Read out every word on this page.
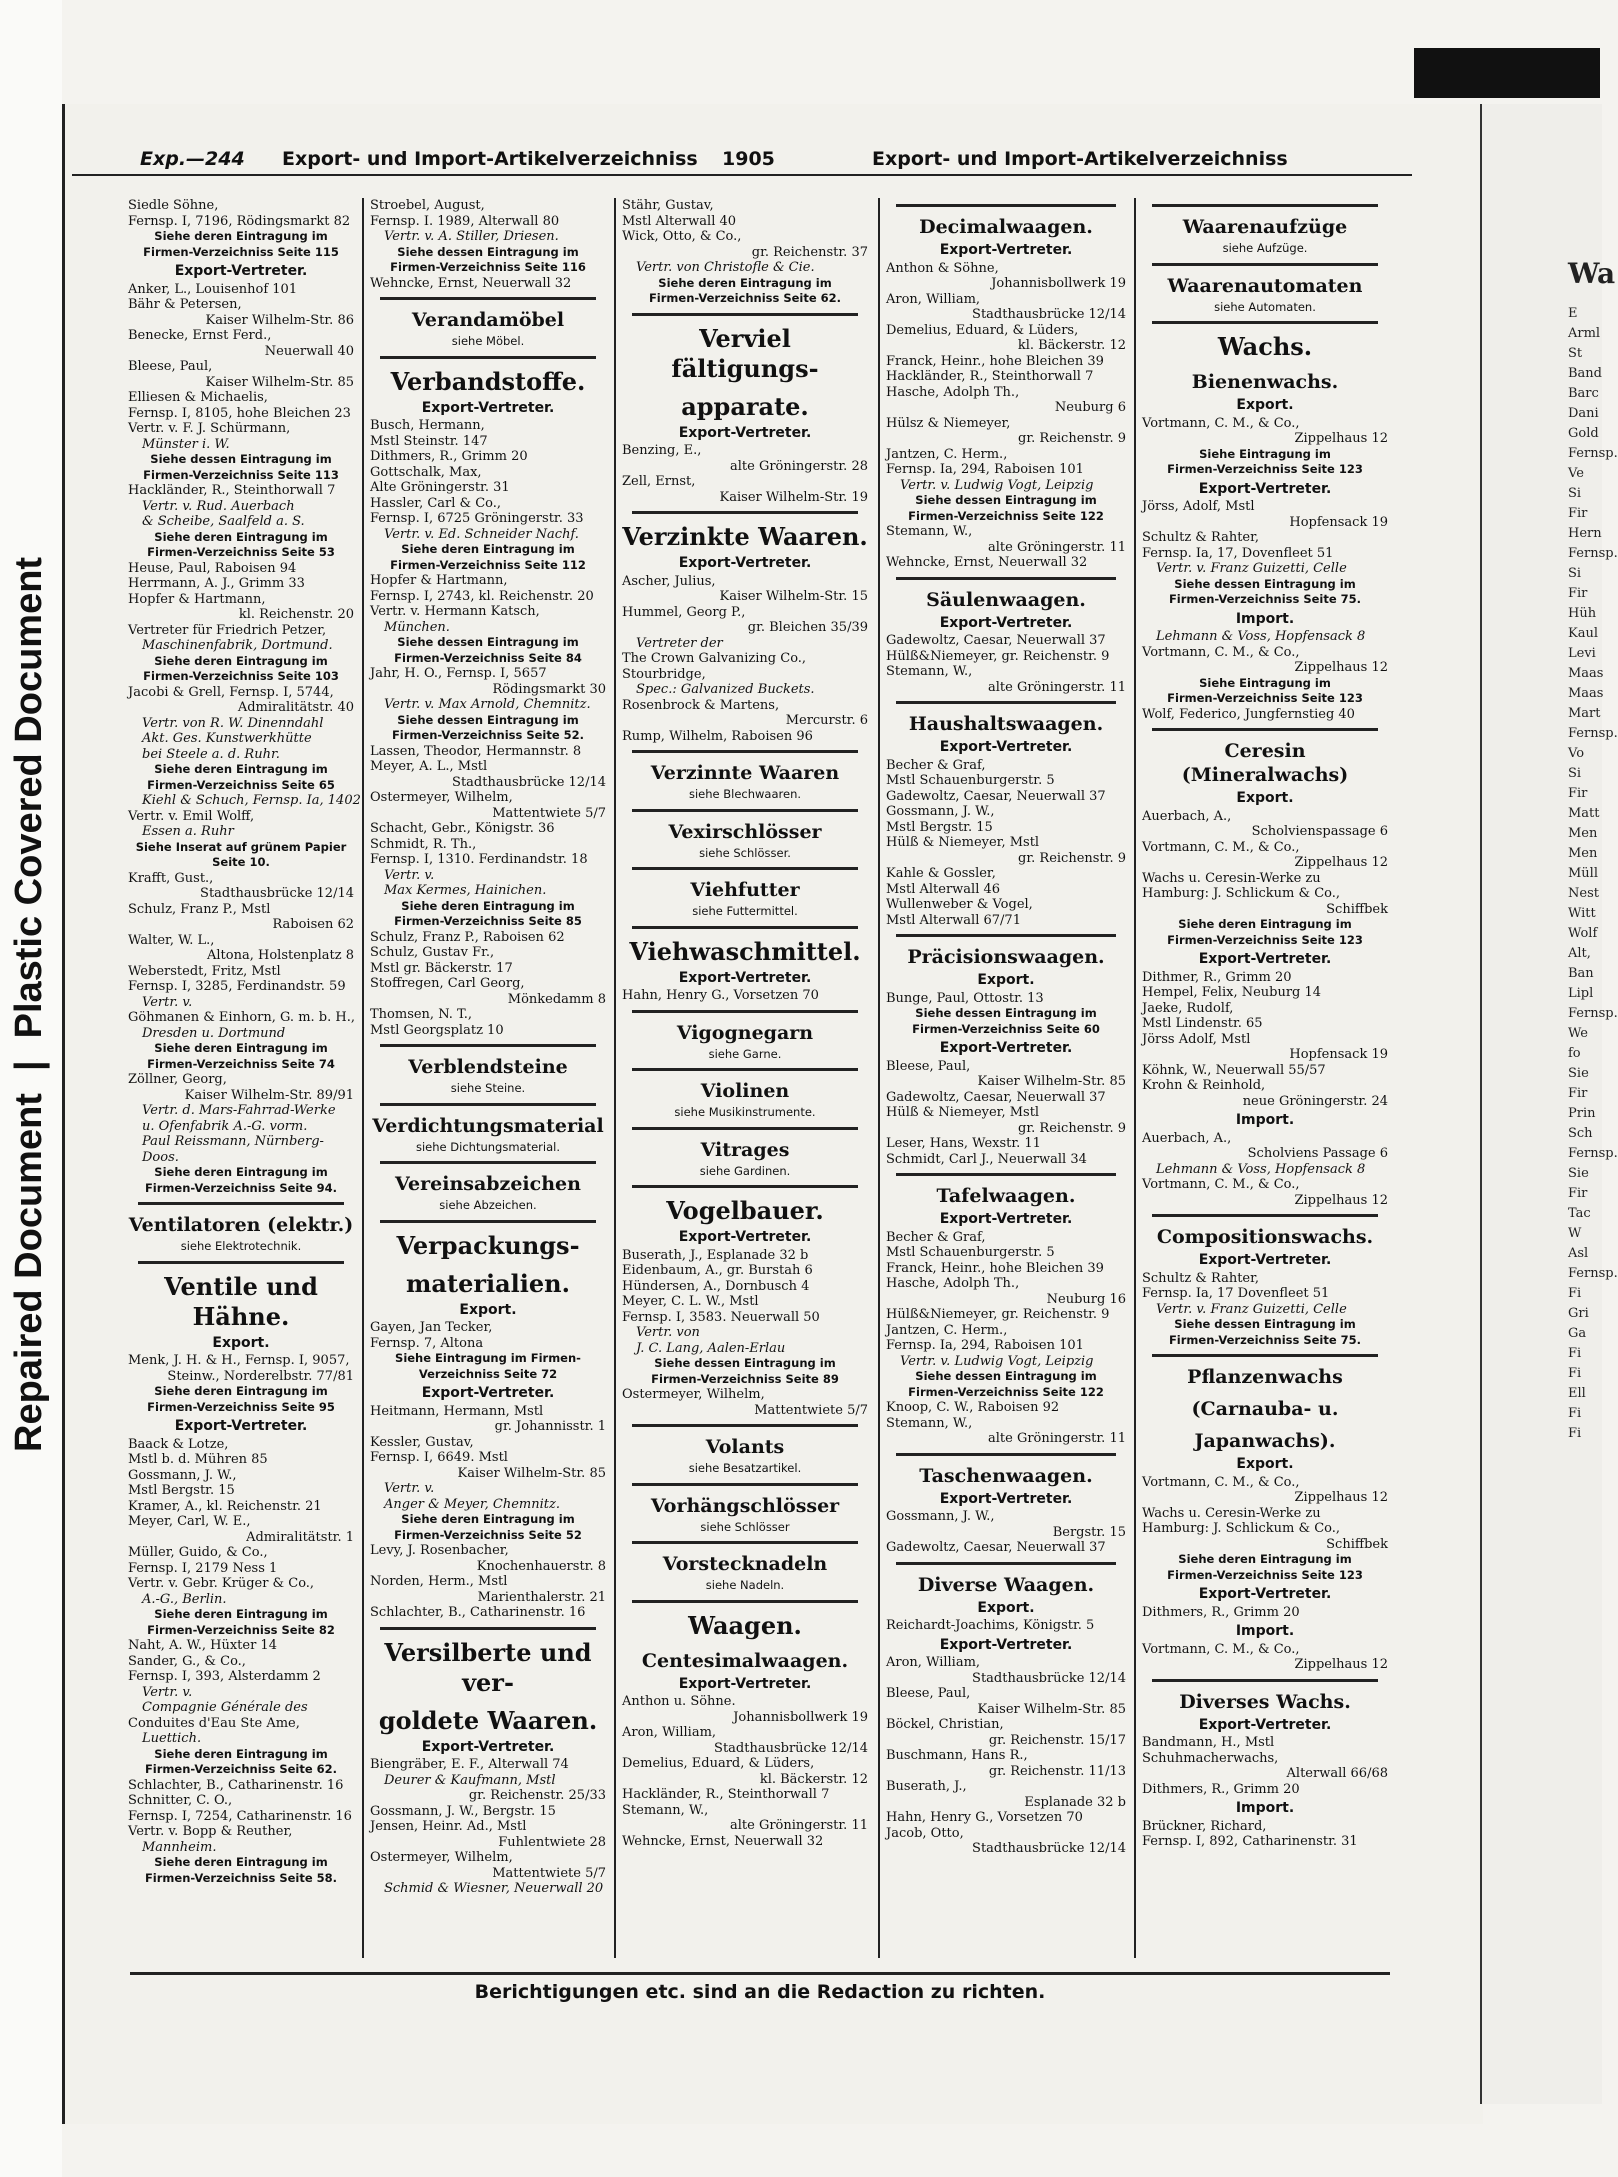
Repaired Document|Plastic Covered Document
Exp.—244 Export- und Import-Artikelverzeichniss 1905	Export- und Import-Artikelverzeichniss

Siedle Söhne,

Fernsp. I, 7196, Rödingsmarkt 82

Siehe deren Eintragung im

Firmen-Verzeichniss Seite 115

Export-Vertreter.

Anker, L., Louisenhof 101

Bähr & Petersen,

Kaiser Wilhelm-Str. 86

Benecke, Ernst Ferd.,

Neuerwall 40

Bleese, Paul,

Kaiser Wilhelm-Str. 85

Elliesen & Michaelis,

Fernsp. I, 8105, hohe Bleichen 23

Vertr. v. F. J. Schürmann,

Münster i. W.

Siehe dessen Eintragung im

Firmen-Verzeichniss Seite 113

Hackländer, R., Steinthorwall 7

Vertr. v. Rud. Auerbach

& Scheibe, Saalfeld a. S.

Siehe deren Eintragung im

Firmen-Verzeichniss Seite 53

Heuse, Paul, Raboisen 94

Herrmann, A. J., Grimm 33

Hopfer & Hartmann,

kl. Reichenstr. 20

Vertreter für Friedrich Petzer,

Maschinenfabrik, Dortmund.

Siehe deren Eintragung im

Firmen-Verzeichniss Seite 103

Jacobi & Grell, Fernsp. I, 5744,

Admiralitätstr. 40

Vertr. von R. W. Dinenndahl

Akt. Ges. Kunstwerkhütte

bei Steele a. d. Ruhr.

Siehe deren Eintragung im

Firmen-Verzeichniss Seite 65

Kiehl & Schuch, Fernsp. Ia, 1402

Vertr. v. Emil Wolff,

Essen a. Ruhr

Siehe Inserat auf grünem Papier

Seite 10.

Krafft, Gust.,

Stadthausbrücke 12/14

Schulz, Franz P., Mstl

Raboisen 62

Walter, W. L.,

Altona, Holstenplatz 8

Weberstedt, Fritz, Mstl

Fernsp. I, 3285, Ferdinandstr. 59

Vertr. v.

Göhmanen & Einhorn, G. m. b. H.,

Dresden u. Dortmund

Siehe deren Eintragung im

Firmen-Verzeichniss Seite 74

Zöllner, Georg,

Kaiser Wilhelm-Str. 89/91

Vertr. d. Mars-Fahrrad-Werke

u. Ofenfabrik A.-G. vorm.

Paul Reissmann, Nürnberg-

Doos.

Siehe deren Eintragung im

Firmen-Verzeichniss Seite 94.

Ventilatoren (elektr.)

siehe Elektrotechnik.

Ventile und Hähne.

Export.

Menk, J. H. & H., Fernsp. I, 9057,

Steinw., Norderelbstr. 77/81

Siehe deren Eintragung im

Firmen-Verzeichniss Seite 95

Export-Vertreter.

Baack & Lotze,

Mstl b. d. Mühren 85

Gossmann, J. W.,

Mstl Bergstr. 15

Kramer, A., kl. Reichenstr. 21

Meyer, Carl, W. E.,

Admiralitätstr. 1

Müller, Guido, & Co.,

Fernsp. I, 2179 Ness 1

Vertr. v. Gebr. Krüger & Co.,

A.-G., Berlin.

Siehe deren Eintragung im

Firmen-Verzeichniss Seite 82

Naht, A. W., Hüxter 14

Sander, G., & Co.,

Fernsp. I, 393, Alsterdamm 2

Vertr. v.

Compagnie Générale des

Conduites d'Eau Ste Ame,

Luettich.

Siehe deren Eintragung im

Firmen-Verzeichniss Seite 62.

Schlachter, B., Catharinenstr. 16

Schnitter, C. O.,

Fernsp. I, 7254, Catharinenstr. 16

Vertr. v. Bopp & Reuther,

Mannheim.

Siehe deren Eintragung im

Firmen-Verzeichniss Seite 58.

Stroebel, August,

Fernsp. I. 1989, Alterwall 80

Vertr. v. A. Stiller, Driesen.

Siehe dessen Eintragung im

Firmen-Verzeichniss Seite 116

Wehncke, Ernst, Neuerwall 32

Verandamöbel

siehe Möbel.

Verbandstoffe.

Export-Vertreter.

Busch, Hermann,

Mstl Steinstr. 147

Dithmers, R., Grimm 20

Gottschalk, Max,

Alte Gröningerstr. 31

Hassler, Carl & Co.,

Fernsp. I, 6725 Gröningerstr. 33

Vertr. v. Ed. Schneider Nachf.

Siehe deren Eintragung im

Firmen-Verzeichniss Seite 112

Hopfer & Hartmann,

Fernsp. I, 2743, kl. Reichenstr. 20

Vertr. v. Hermann Katsch,

München.

Siehe dessen Eintragung im

Firmen-Verzeichniss Seite 84

Jahr, H. O., Fernsp. I, 5657

Rödingsmarkt 30

Vertr. v. Max Arnold, Chemnitz.

Siehe dessen Eintragung im

Firmen-Verzeichniss Seite 52.

Lassen, Theodor, Hermannstr. 8

Meyer, A. L., Mstl

Stadthausbrücke 12/14

Ostermeyer, Wilhelm,

Mattentwiete 5/7

Schacht, Gebr., Königstr. 36

Schmidt, R. Th.,

Fernsp. I, 1310. Ferdinandstr. 18

Vertr. v.

Max Kermes, Hainichen.

Siehe deren Eintragung im

Firmen-Verzeichniss Seite 85

Schulz, Franz P., Raboisen 62

Schulz, Gustav Fr.,

Mstl gr. Bäckerstr. 17

Stoffregen, Carl Georg,

Mönkedamm 8

Thomsen, N. T.,

Mstl Georgsplatz 10

Verblendsteine

siehe Steine.

Verdichtungsmaterial

siehe Dichtungsmaterial.

Vereinsabzeichen

siehe Abzeichen.

Verpackungs-

materialien.

Export.

Gayen, Jan Tecker,

Fernsp. 7, Altona

Siehe Eintragung im Firmen-

Verzeichniss Seite 72

Export-Vertreter.

Heitmann, Hermann, Mstl

gr. Johannisstr. 1

Kessler, Gustav,

Fernsp. I, 6649. Mstl

Kaiser Wilhelm-Str. 85

Vertr. v.

Anger & Meyer, Chemnitz.

Siehe deren Eintragung im

Firmen-Verzeichniss Seite 52

Levy, J. Rosenbacher,

Knochenhauerstr. 8

Norden, Herm., Mstl

Marienthalerstr. 21

Schlachter, B., Catharinenstr. 16

Versilberte und ver-

goldete Waaren.

Export-Vertreter.

Biengräber, E. F., Alterwall 74

Deurer & Kaufmann, Mstl

gr. Reichenstr. 25/33

Gossmann, J. W., Bergstr. 15

Jensen, Heinr. Ad., Mstl

Fuhlentwiete 28

Ostermeyer, Wilhelm,

Mattentwiete 5/7

Schmid & Wiesner, Neuerwall 20

Stähr, Gustav,

Mstl Alterwall 40

Wick, Otto, & Co.,

gr. Reichenstr. 37

Vertr. von Christofle & Cie.

Siehe deren Eintragung im

Firmen-Verzeichniss Seite 62.

Verviel fältigungs-

apparate.

Export-Vertreter.

Benzing, E.,

alte Gröningerstr. 28

Zell, Ernst,

Kaiser Wilhelm-Str. 19

Verzinkte Waaren.

Export-Vertreter.

Ascher, Julius,

Kaiser Wilhelm-Str. 15

Hummel, Georg P.,

gr. Bleichen 35/39

Vertreter der

The Crown Galvanizing Co.,

Stourbridge,

Spec.: Galvanized Buckets.

Rosenbrock & Martens,

Mercurstr. 6

Rump, Wilhelm, Raboisen 96

Verzinnte Waaren

siehe Blechwaaren.

Vexirschlösser

siehe Schlösser.

Viehfutter

siehe Futtermittel.

Viehwaschmittel.

Export-Vertreter.

Hahn, Henry G., Vorsetzen 70

Vigognegarn

siehe Garne.

Violinen

siehe Musikinstrumente.

Vitrages

siehe Gardinen.

Vogelbauer.

Export-Vertreter.

Buserath, J., Esplanade 32 b

Eidenbaum, A., gr. Burstah 6

Hündersen, A., Dornbusch 4

Meyer, C. L. W., Mstl

Fernsp. I, 3583. Neuerwall 50

Vertr. von

J. C. Lang, Aalen-Erlau

Siehe dessen Eintragung im

Firmen-Verzeichniss Seite 89

Ostermeyer, Wilhelm,

Mattentwiete 5/7

Volants

siehe Besatzartikel.

Vorhängschlösser

siehe Schlösser

Vorstecknadeln

siehe Nadeln.

Waagen.

Centesimalwaagen.

Export-Vertreter.

Anthon u. Söhne.

Johannisbollwerk 19

Aron, William,

Stadthausbrücke 12/14

Demelius, Eduard, & Lüders,

kl. Bäckerstr. 12

Hackländer, R., Steinthorwall 7

Stemann, W.,

alte Gröningerstr. 11

Wehncke, Ernst, Neuerwall 32

Decimalwaagen.

Export-Vertreter.

Anthon & Söhne,

Johannisbollwerk 19

Aron, William,

Stadthausbrücke 12/14

Demelius, Eduard, & Lüders,

kl. Bäckerstr. 12

Franck, Heinr., hohe Bleichen 39

Hackländer, R., Steinthorwall 7

Hasche, Adolph Th.,

Neuburg 6

Hülsz & Niemeyer,

gr. Reichenstr. 9

Jantzen, C. Herm.,

Fernsp. Ia, 294, Raboisen 101

Vertr. v. Ludwig Vogt, Leipzig

Siehe dessen Eintragung im

Firmen-Verzeichniss Seite 122

Stemann, W.,

alte Gröningerstr. 11

Wehncke, Ernst, Neuerwall 32

Säulenwaagen.

Export-Vertreter.

Gadewoltz, Caesar, Neuerwall 37

Hülß&Niemeyer, gr. Reichenstr. 9

Stemann, W.,

alte Gröningerstr. 11

Haushaltswaagen.

Export-Vertreter.

Becher & Graf,

Mstl Schauenburgerstr. 5

Gadewoltz, Caesar, Neuerwall 37

Gossmann, J. W.,

Mstl Bergstr. 15

Hülß & Niemeyer, Mstl

gr. Reichenstr. 9

Kahle & Gossler,

Mstl Alterwall 46

Wullenweber & Vogel,

Mstl Alterwall 67/71

Präcisionswaagen.

Export.

Bunge, Paul, Ottostr. 13

Siehe dessen Eintragung im

Firmen-Verzeichniss Seite 60

Export-Vertreter.

Bleese, Paul,

Kaiser Wilhelm-Str. 85

Gadewoltz, Caesar, Neuerwall 37

Hülß & Niemeyer, Mstl

gr. Reichenstr. 9

Leser, Hans, Wexstr. 11

Schmidt, Carl J., Neuerwall 34

Tafelwaagen.

Export-Vertreter.

Becher & Graf,

Mstl Schauenburgerstr. 5

Franck, Heinr., hohe Bleichen 39

Hasche, Adolph Th.,

Neuburg 16

Hülß&Niemeyer, gr. Reichenstr. 9

Jantzen, C. Herm.,

Fernsp. Ia, 294, Raboisen 101

Vertr. v. Ludwig Vogt, Leipzig

Siehe dessen Eintragung im

Firmen-Verzeichniss Seite 122

Knoop, C. W., Raboisen 92

Stemann, W.,

alte Gröningerstr. 11

Taschenwaagen.

Export-Vertreter.

Gossmann, J. W.,

Bergstr. 15

Gadewoltz, Caesar, Neuerwall 37

Diverse Waagen.

Export.

Reichardt-Joachims, Königstr. 5

Export-Vertreter.

Aron, William,

Stadthausbrücke 12/14

Bleese, Paul,

Kaiser Wilhelm-Str. 85

Böckel, Christian,

gr. Reichenstr. 15/17

Buschmann, Hans R.,

gr. Reichenstr. 11/13

Buserath, J.,

Esplanade 32 b

Hahn, Henry G., Vorsetzen 70

Jacob, Otto,

Stadthausbrücke 12/14

Waarenaufzüge

siehe Aufzüge.

Waarenautomaten

siehe Automaten.

Wachs.

Bienenwachs.

Export.

Vortmann, C. M., & Co.,

Zippelhaus 12

Siehe Eintragung im

Firmen-Verzeichniss Seite 123

Export-Vertreter.

Jörss, Adolf, Mstl

Hopfensack 19

Schultz & Rahter,

Fernsp. Ia, 17, Dovenfleet 51

Vertr. v. Franz Guizetti, Celle

Siehe dessen Eintragung im

Firmen-Verzeichniss Seite 75.

Import.

Lehmann & Voss, Hopfensack 8

Vortmann, C. M., & Co.,

Zippelhaus 12

Siehe Eintragung im

Firmen-Verzeichniss Seite 123

Wolf, Federico, Jungfernstieg 40

Ceresin (Mineralwachs)

Export.

Auerbach, A.,

Scholvienspassage 6

Vortmann, C. M., & Co.,

Zippelhaus 12

Wachs u. Ceresin-Werke zu

Hamburg: J. Schlickum & Co.,

Schiffbek

Siehe deren Eintragung im

Firmen-Verzeichniss Seite 123

Export-Vertreter.

Dithmer, R., Grimm 20

Hempel, Felix, Neuburg 14

Jaeke, Rudolf,

Mstl Lindenstr. 65

Jörss Adolf, Mstl

Hopfensack 19

Köhnk, W., Neuerwall 55/57

Krohn & Reinhold,

neue Gröningerstr. 24

Import.

Auerbach, A.,

Scholviens Passage 6

Lehmann & Voss, Hopfensack 8

Vortmann, C. M., & Co.,

Zippelhaus 12

Compositionswachs.

Export-Vertreter.

Schultz & Rahter,

Fernsp. Ia, 17 Dovenfleet 51

Vertr. v. Franz Guizetti, Celle

Siehe dessen Eintragung im

Firmen-Verzeichniss Seite 75.

Pflanzenwachs

(Carnauba- u.

Japanwachs).

Export.

Vortmann, C. M., & Co.,

Zippelhaus 12

Wachs u. Ceresin-Werke zu

Hamburg: J. Schlickum & Co.,

Schiffbek

Siehe deren Eintragung im

Firmen-Verzeichniss Seite 123

Export-Vertreter.

Dithmers, R., Grimm 20

Import.

Vortmann, C. M., & Co.,

Zippelhaus 12

Diverses Wachs.

Export-Vertreter.

Bandmann, H., Mstl

Schuhmacherwachs,

Alterwall 66/68

Dithmers, R., Grimm 20

Import.

Brückner, Richard,

Fernsp. I, 892, Catharinenstr. 31

Wa
E
Arml
St
Band
Barc
Dani
Gold
Fernsp.
Ve
Si
Fir
Hern
Fernsp.
Si
Fir
Hüh
Kaul
Levi
Maas
Maas
Mart
Fernsp.
Vo
Si
Fir
Matt
Men
Men
Müll
Nest
Witt
Wolf
Alt,
Ban
Lipl
Fernsp.
We
fo
Sie
Fir
Prin
Sch
Fernsp.
Sie
Fir
Tac
W
Asl
Fernsp.
Fi
Gri
Ga
Fi
Fi
Ell
Fi
Fi
Berichtigungen etc. sind an die Redaction zu richten.
